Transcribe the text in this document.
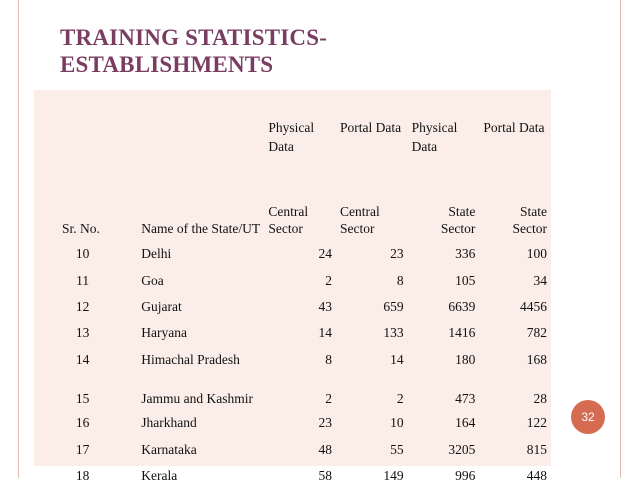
TRAINING STATISTICS-
ESTABLISHMENTS
		Physical Data	Portal Data	Physical Data	Portal Data
Sr. No.	Name of the State/UT	Central Sector	Central Sector	State Sector	State Sector
10	Delhi	24	23	336	100
11	Goa	2	8	105	34
12	Gujarat	43	659	6639	4456
13	Haryana	14	133	1416	782
14	Himachal Pradesh	8	14	180	168
15	Jammu and Kashmir	2	2	473	28
16	Jharkhand	23	10	164	122
17	Karnataka	48	55	3205	815
18	Kerala	58	149	996	448
32
